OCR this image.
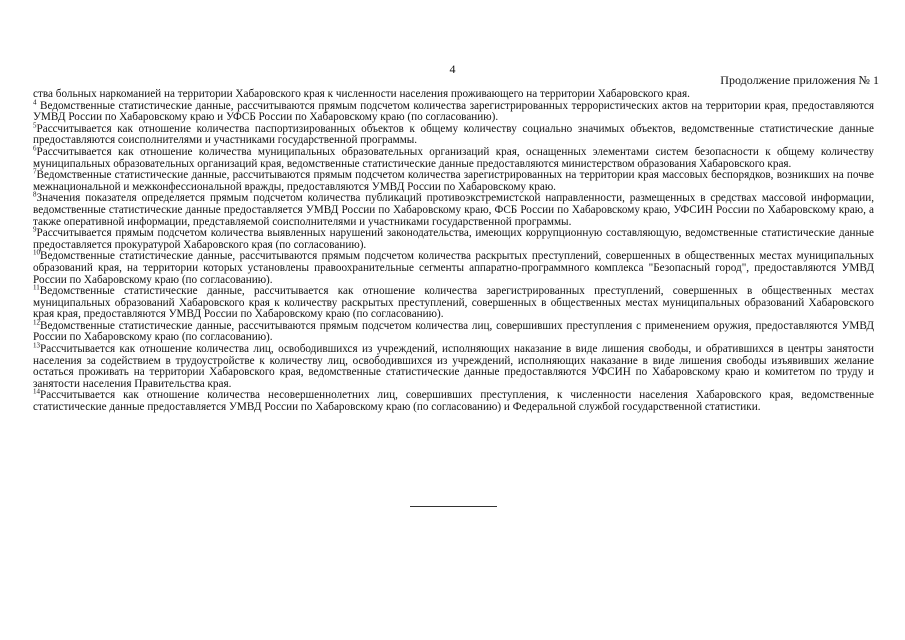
4
Продолжение приложения № 1

ства больных наркоманией на территории Хабаровского края к численности населения проживающего на территории Хабаровского края.

$^4$ Ведомственные статистические данные, рассчитываются прямым подсчетом количества зарегистрированных террористических актов на территории края, предоставляются УМВД России по Хабаровскому краю и УФСБ России по Хабаровскому краю (по согласованию).

$^5$Рассчитывается как отношение количества паспортизированных объектов к общему количеству социально значимых объектов, ведомственные статистические данные предоставляются соисполнителями и участниками государственной программы.

$^6$Рассчитывается как отношение количества муниципальных образовательных организаций края, оснащенных элементами систем безопасности к общему количеству муниципальных образовательных организаций края, ведомственные статистические данные предоставляются министерством образования Хабаровского края.

$^7$Ведомственные статистические данные, рассчитываются прямым подсчетом количества зарегистрированных на территории края массовых беспорядков, возникших на почве межнациональной и межконфессиональной вражды, предоставляются УМВД России по Хабаровскому краю.

$^8$Значения показателя определяется прямым подсчетом количества публикаций противоэкстремистской направленности, размещенных в средствах массовой информации, ведомственные статистические данные предоставляется УМВД России по Хабаровскому краю, ФСБ России по Хабаровскому краю, УФСИН России по Хабаровскому краю, а также оперативной информации, представляемой соисполнителями и участниками государственной программы.

$^9$Рассчитывается прямым подсчетом количества выявленных нарушений законодательства, имеющих коррупционную составляющую, ведомственные статистические данные предоставляется прокуратурой Хабаровского края (по согласованию).

$^{10}$Ведомственные статистические данные, рассчитываются прямым подсчетом количества раскрытых преступлений, совершенных в общественных местах муниципальных образований края, на территории которых установлены правоохранительные сегменты аппаратно-программного комплекса "Безопасный город", предоставляются УМВД России по Хабаровскому краю (по согласованию).

$^{11}$Ведомственные статистические данные, рассчитывается как отношение количества зарегистрированных преступлений, совершенных в общественных местах муниципальных образований Хабаровского края к количеству раскрытых преступлений, совершенных в общественных местах муниципальных образований Хабаровского края края, предоставляются УМВД России по Хабаровскому краю (по согласованию).

$^{12}$Ведомственные статистические данные, рассчитываются прямым подсчетом количества лиц, совершивших преступления с применением оружия, предоставляются УМВД России по Хабаровскому краю (по согласованию).

$^{13}$Рассчитывается как отношение количества лиц, освободившихся из учреждений, исполняющих наказание в виде лишения свободы, и обратившихся в центры занятости населения за содействием в трудоустройстве к количеству лиц, освободившихся из учреждений, исполняющих наказание в виде лишения свободы изъявивших желание остаться проживать на территории Хабаровского края, ведомственные статистические данные предоставляются УФСИН по Хабаровскому краю и комитетом по труду и занятости населения Правительства края.

$^{14}$Рассчитывается как отношение количества несовершеннолетних лиц, совершивших преступления, к численности населения Хабаровского края, ведомственные статистические данные предоставляется УМВД России по Хабаровскому краю (по согласованию) и Федеральной службой государственной статистики.
